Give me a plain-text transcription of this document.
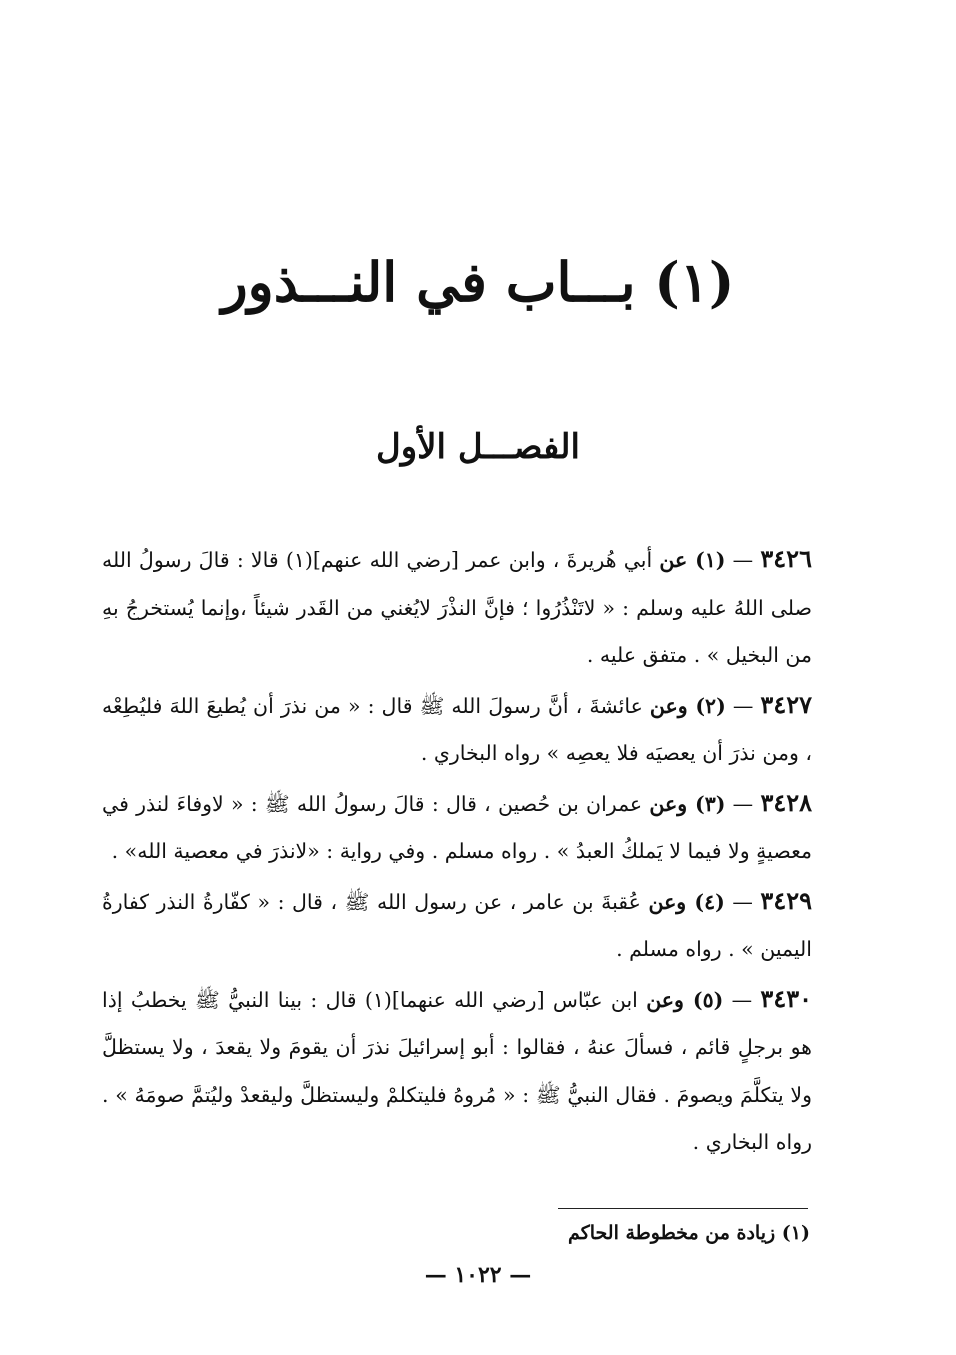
(١) بـــاب في النـــذور
الفصـــل الأول

٣٤٢٦ — (١) عن أبي هُريرةَ ، وابن عمر [رضي الله عنهم](١) قالا : قالَ رسولُ الله صلى اللهُ عليه وسلم : « لاتَنْذُرُوا ؛ فإنَّ النذْرَ لايُغني من القَدر شيئاً ،وإنما يُستخرجُ بهِ من البخيل » . متفق عليه .

٣٤٢٧ — (٢) وعن عائشةَ ، أنَّ رسولَ الله ﷺ قال : « من نذرَ أن يُطيعَ اللهَ فليُطِعْه ، ومن نذرَ أن يعصيَه فلا يعصِه » رواه البخاري .

٣٤٢٨ — (٣) وعن عمران بن حُصين ، قال : قالَ رسولُ الله ﷺ : « لاوفاءَ لنذر في معصيةٍ ولا فيما لا يَملكُ العبدُ » . رواه مسلم . وفي رواية : «لانذرَ في معصية الله» .

٣٤٢٩ — (٤) وعن عُقبةَ بن عامر ، عن رسول الله ﷺ ، قال : « كفّارةُ النذر كفارةُ اليمين » . رواه مسلم .

٣٤٣٠ — (٥) وعن ابن عبّاس [رضي الله عنهما](١) قال : بينا النبيُّ ﷺ يخطبُ إذا هو برجلٍ قائم ، فسألَ عنهُ ، فقالوا : أبو إسرائيلَ نذرَ أن يقومَ ولا يقعدَ ، ولا يستظلَّ ولا يتكلَّمَ ويصومَ . فقال النبيُّ ﷺ : « مُروهُ فليتكلمْ وليستظلَّ وليقعدْ وليُتمَّ صومَهُ » . رواه البخاري .

(١) زيادة من مخطوطة الحاكم
— ١٠٢٢ —
